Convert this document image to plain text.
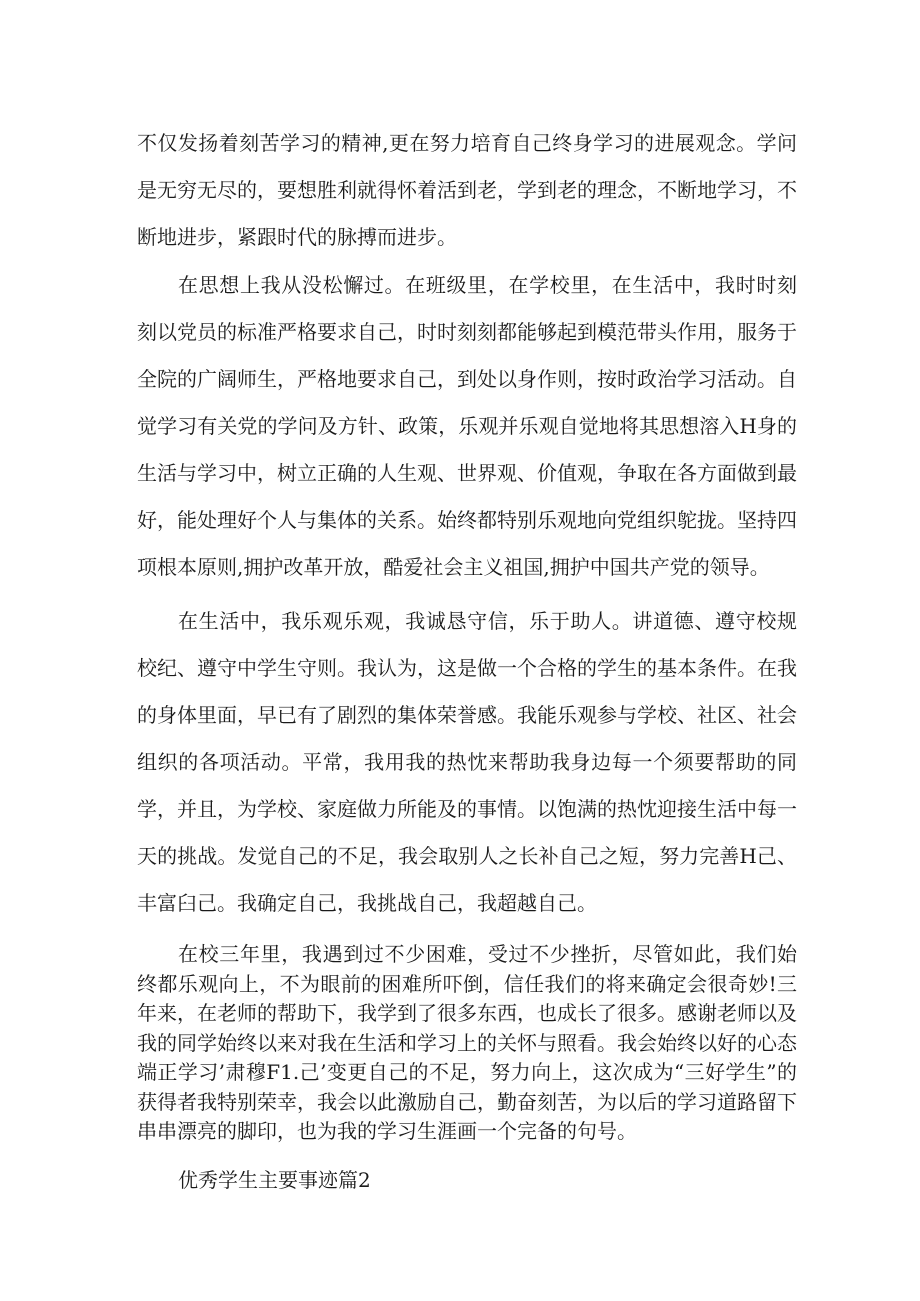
不仅发扬着刻苦学习的精神,更在努力培育自己终身学习的进展观念。学问是无穷无尽的，要想胜利就得怀着活到老，学到老的理念，不断地学习，不断地进步，紧跟时代的脉搏而进步。

在思想上我从没松懈过。在班级里，在学校里，在生活中，我时时刻刻以党员的标准严格要求自己，时时刻刻都能够起到模范带头作用，服务于全院的广阔师生，严格地要求自己，到处以身作则，按时政治学习活动。自觉学习有关党的学问及方针、政策，乐观并乐观自觉地将其思想溶入H身的生活与学习中，树立正确的人生观、世界观、价值观，争取在各方面做到最好，能处理好个人与集体的关系。始终都特别乐观地向党组织鸵拢。坚持四项根本原则,拥护改革开放，酷爱社会主义祖国,拥护中国共产党的领导。

在生活中，我乐观乐观，我诚恳守信，乐于助人。讲道德、遵守校规校纪、遵守中学生守则。我认为，这是做一个合格的学生的基本条件。在我的身体里面，早已有了剧烈的集体荣誉感。我能乐观参与学校、社区、社会组织的各项活动。平常，我用我的热忱来帮助我身边每一个须要帮助的同学，并且，为学校、家庭做力所能及的事情。以饱满的热忱迎接生活中每一天的挑战。发觉自己的不足，我会取别人之长补自己之短，努力完善H己、丰富臼己。我确定自己，我挑战自己，我超越自己。

在校三年里，我遇到过不少困难，受过不少挫折，尽管如此，我们始终都乐观向上，不为眼前的困难所吓倒，信任我们的将来确定会很奇妙!三年来，在老师的帮助下，我学到了很多东西，也成长了很多。感谢老师以及我的同学始终以来对我在生活和学习上的关怀与照看。我会始终以好的心态端正学习’肃穆F1.己’变更自己的不足，努力向上，这次成为“三好学生”的获得者我特别荣幸，我会以此激励自己，勤奋刻苦，为以后的学习道路留下串串漂亮的脚印，也为我的学习生涯画一个完备的句号。

优秀学生主要事迹篇2
